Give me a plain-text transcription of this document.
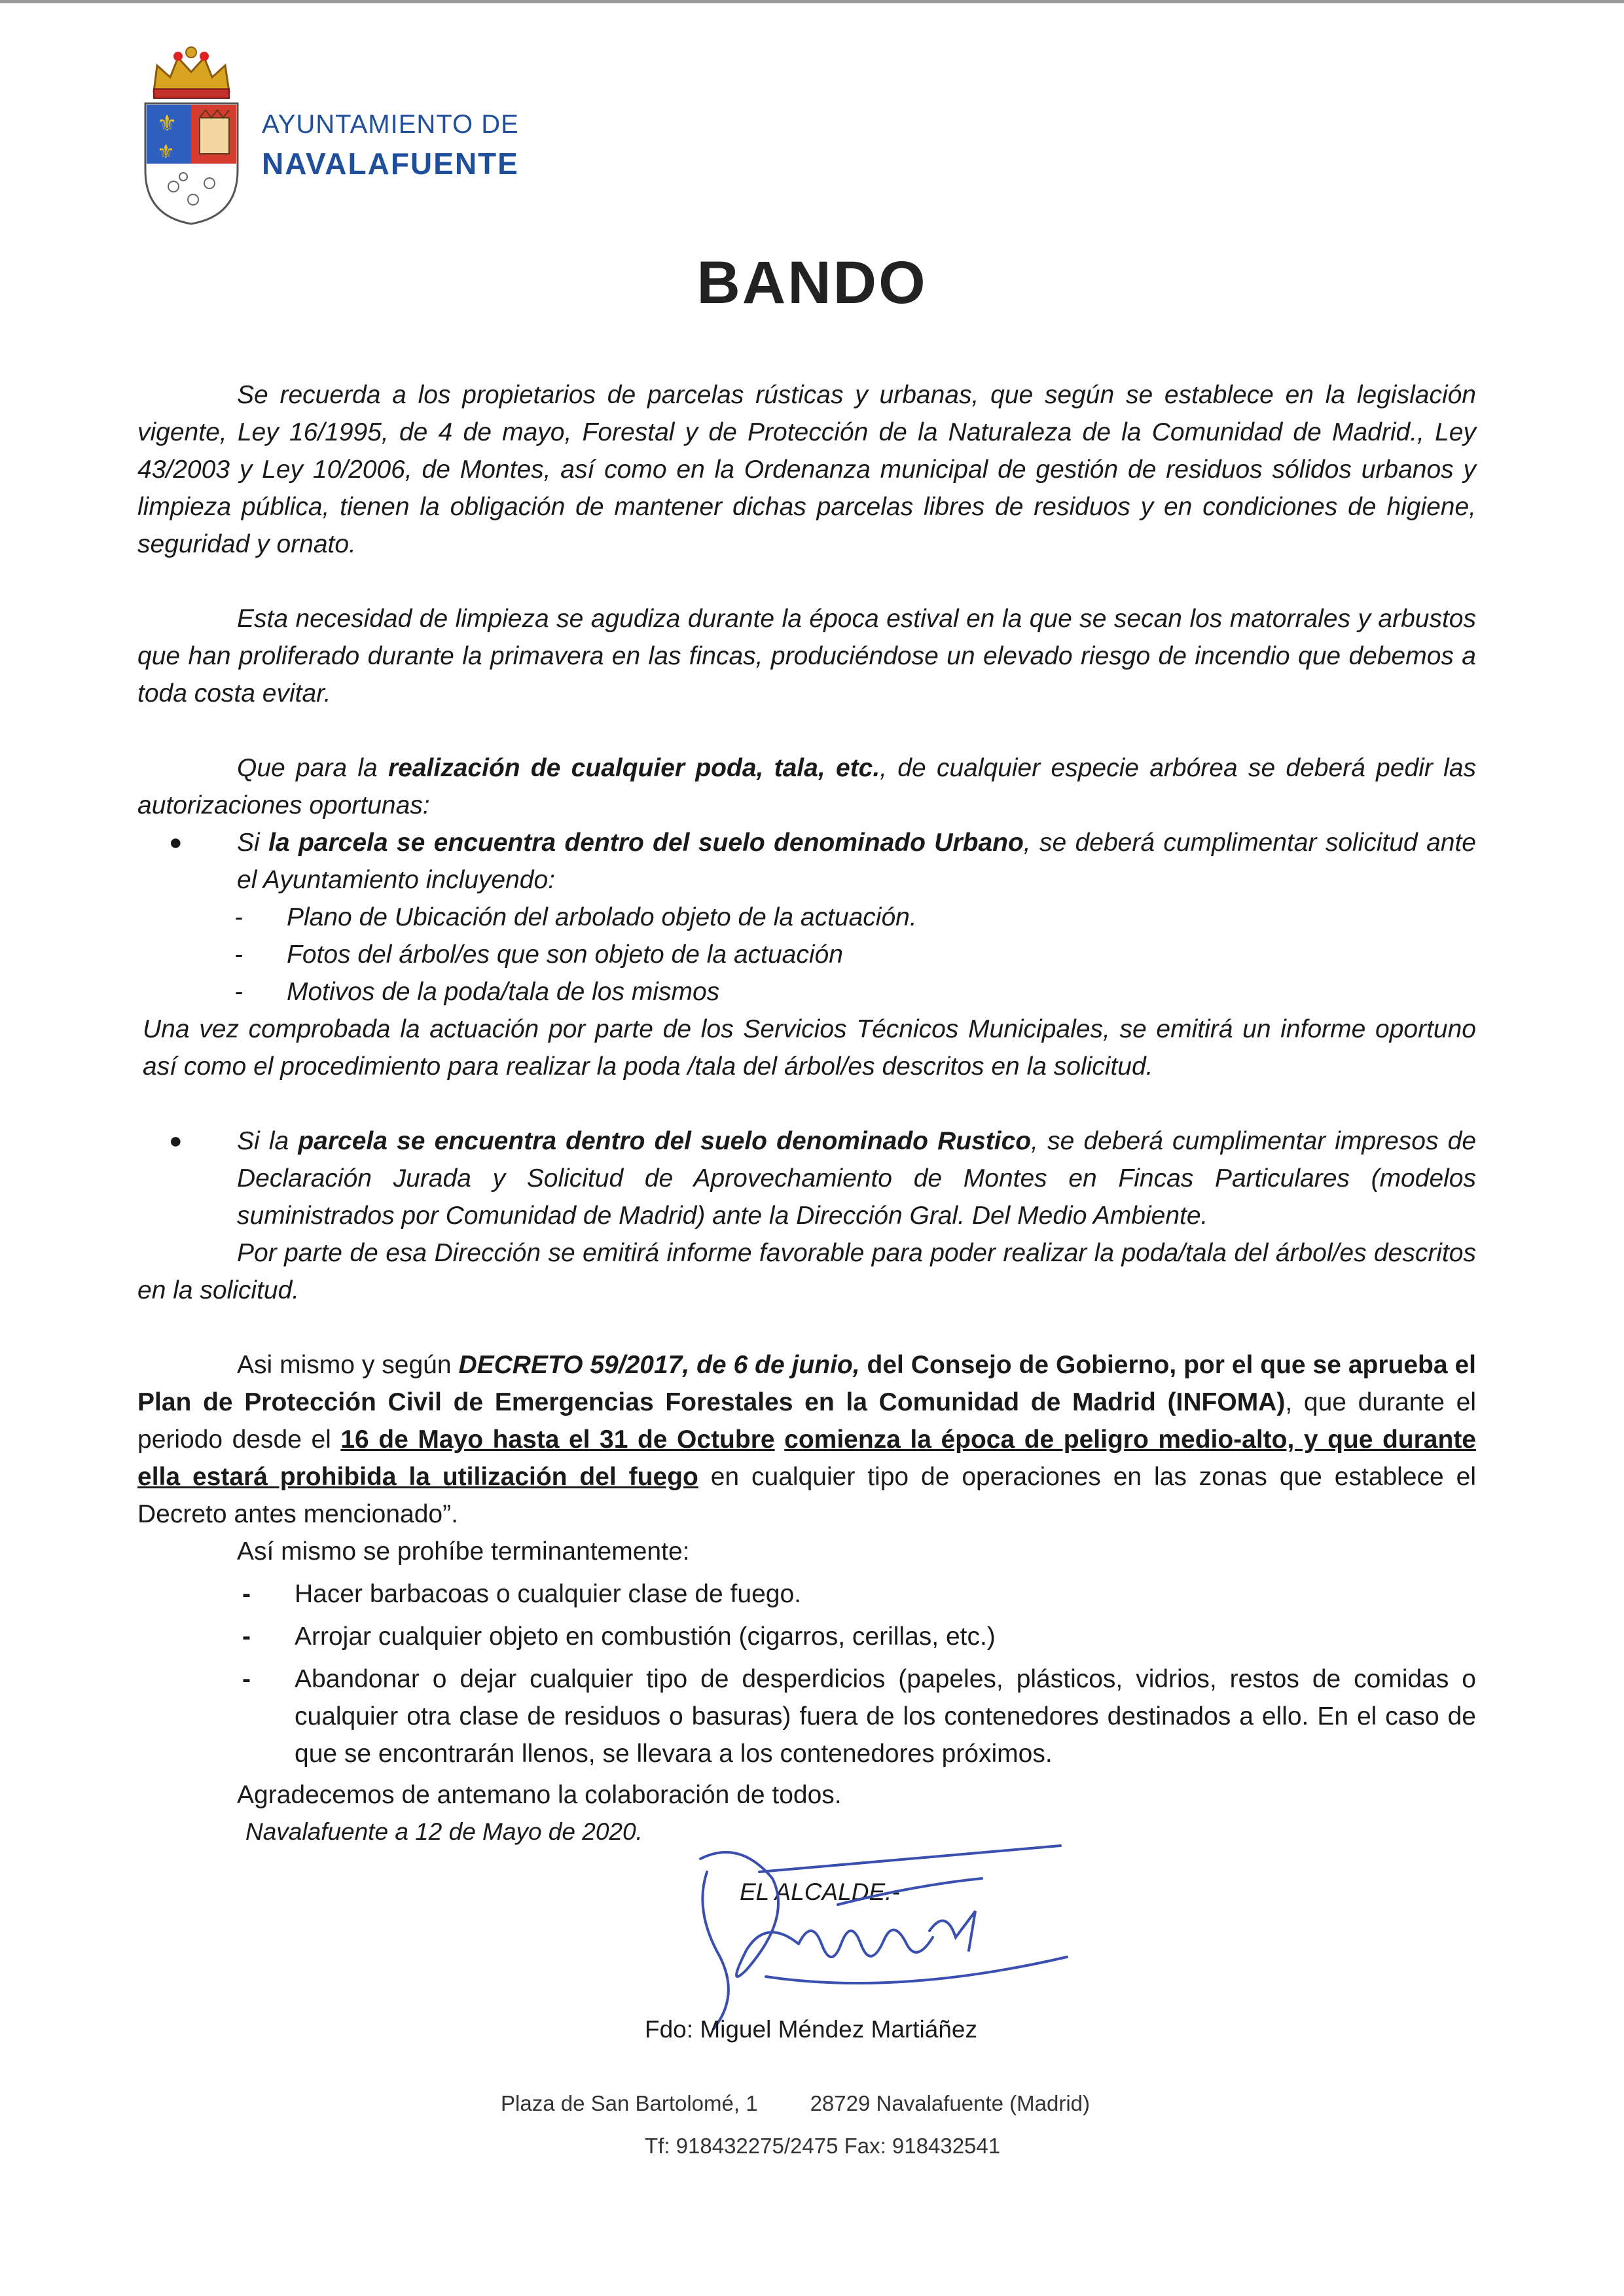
⚜
⚜
AYUNTAMIENTO DE
NAVALAFUENTE
BANDO

Se recuerda a los propietarios de parcelas rústicas y urbanas, que según se establece en la legislación vigente, Ley 16/1995, de 4 de mayo, Forestal y de Protección de la Naturaleza de la Comunidad de Madrid., Ley 43/2003 y Ley 10/2006, de Montes, así como en la Ordenanza municipal de gestión de residuos sólidos urbanos y limpieza pública, tienen la obligación de mantener dichas parcelas libres de residuos y en condiciones de higiene, seguridad y ornato.

Esta necesidad de limpieza se agudiza durante la época estival en la que se secan los matorrales y arbustos que han proliferado durante la primavera en las fincas, produciéndose un elevado riesgo de incendio que debemos a toda costa evitar.

Que para la realización de cualquier poda, tala, etc., de cualquier especie arbórea se deberá pedir las autorizaciones oportunas:

●	Si la parcela se encuentra dentro del suelo denominado Urbano, se deberá cumplimentar solicitud ante el Ayuntamiento incluyendo:

-	Plano de Ubicación del arbolado objeto de la actuación.
-	Fotos del árbol/es que son objeto de la actuación
-	Motivos de la poda/tala de los mismos

Una vez comprobada la actuación por parte de los Servicios Técnicos Municipales, se emitirá un informe oportuno así como el procedimiento para realizar la poda /tala del árbol/es descritos en la solicitud.

●	Si la parcela se encuentra dentro del suelo denominado Rustico, se deberá cumplimentar impresos de Declaración Jurada y Solicitud de Aprovechamiento de Montes en Fincas Particulares (modelos suministrados por Comunidad de Madrid) ante la Dirección Gral. Del Medio Ambiente.

Por parte de esa Dirección se emitirá informe favorable para poder realizar la poda/tala del árbol/es descritos en la solicitud.

Asi mismo y según DECRETO 59/2017, de 6 de junio, del Consejo de Gobierno, por el que se aprueba el Plan de Protección Civil de Emergencias Forestales en la Comunidad de Madrid (INFOMA), que durante el periodo desde el 16 de Mayo hasta el 31 de Octubre comienza la época de peligro medio-alto, y que durante ella estará prohibida la utilización del fuego en cualquier tipo de operaciones en las zonas que establece el Decreto antes mencionado”.

Así mismo se prohíbe terminantemente:

-	Hacer barbacoas o cualquier clase de fuego.
-	Arrojar cualquier objeto en combustión (cigarros, cerillas, etc.)
-	Abandonar o dejar cualquier tipo de desperdicios (papeles, plásticos, vidrios, restos de comidas o cualquier otra clase de residuos o basuras) fuera de los contenedores destinados a ello. En el caso de que se encontrarán llenos, se llevara a los contenedores próximos.

Agradecemos de antemano la colaboración de todos.

Navalafuente a 12 de Mayo de 2020.
EL ALCALDE.-
Fdo: Miguel Méndez Martiáñez
Plaza de San Bartolomé, 1 28729 Navalafuente (Madrid)
Tf: 918432275/2475 Fax: 918432541
